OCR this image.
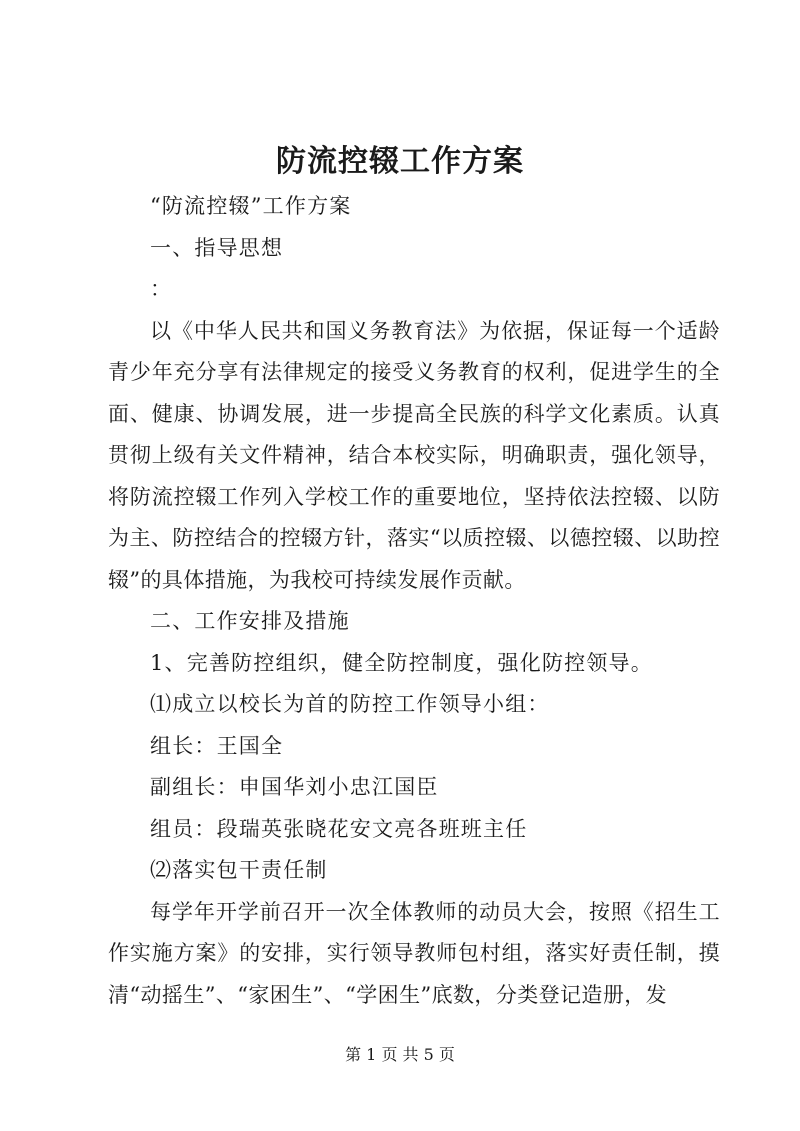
防流控辍工作方案

“防流控辍”工作方案

一、指导思想

：

以《中华人民共和国义务教育法》为依据，保证每一个适龄青少年充分享有法律规定的接受义务教育的权利，促进学生的全面、健康、协调发展，进一步提高全民族的科学文化素质。认真贯彻上级有关文件精神，结合本校实际，明确职责，强化领导，将防流控辍工作列入学校工作的重要地位，坚持依法控辍、以防为主、防控结合的控辍方针，落实“以质控辍、以德控辍、以助控辍”的具体措施，为我校可持续发展作贡献。

二、工作安排及措施

1、完善防控组织，健全防控制度，强化防控领导。

⑴成立以校长为首的防控工作领导小组：

组长：王国全

副组长：申国华刘小忠江国臣

组员：段瑞英张晓花安文亮各班班主任

⑵落实包干责任制

每学年开学前召开一次全体教师的动员大会，按照《招生工作实施方案》的安排，实行领导教师包村组，落实好责任制，摸清“动摇生”、“家困生”、“学困生”底数，分类登记造册，发

第 1 页 共 5 页
